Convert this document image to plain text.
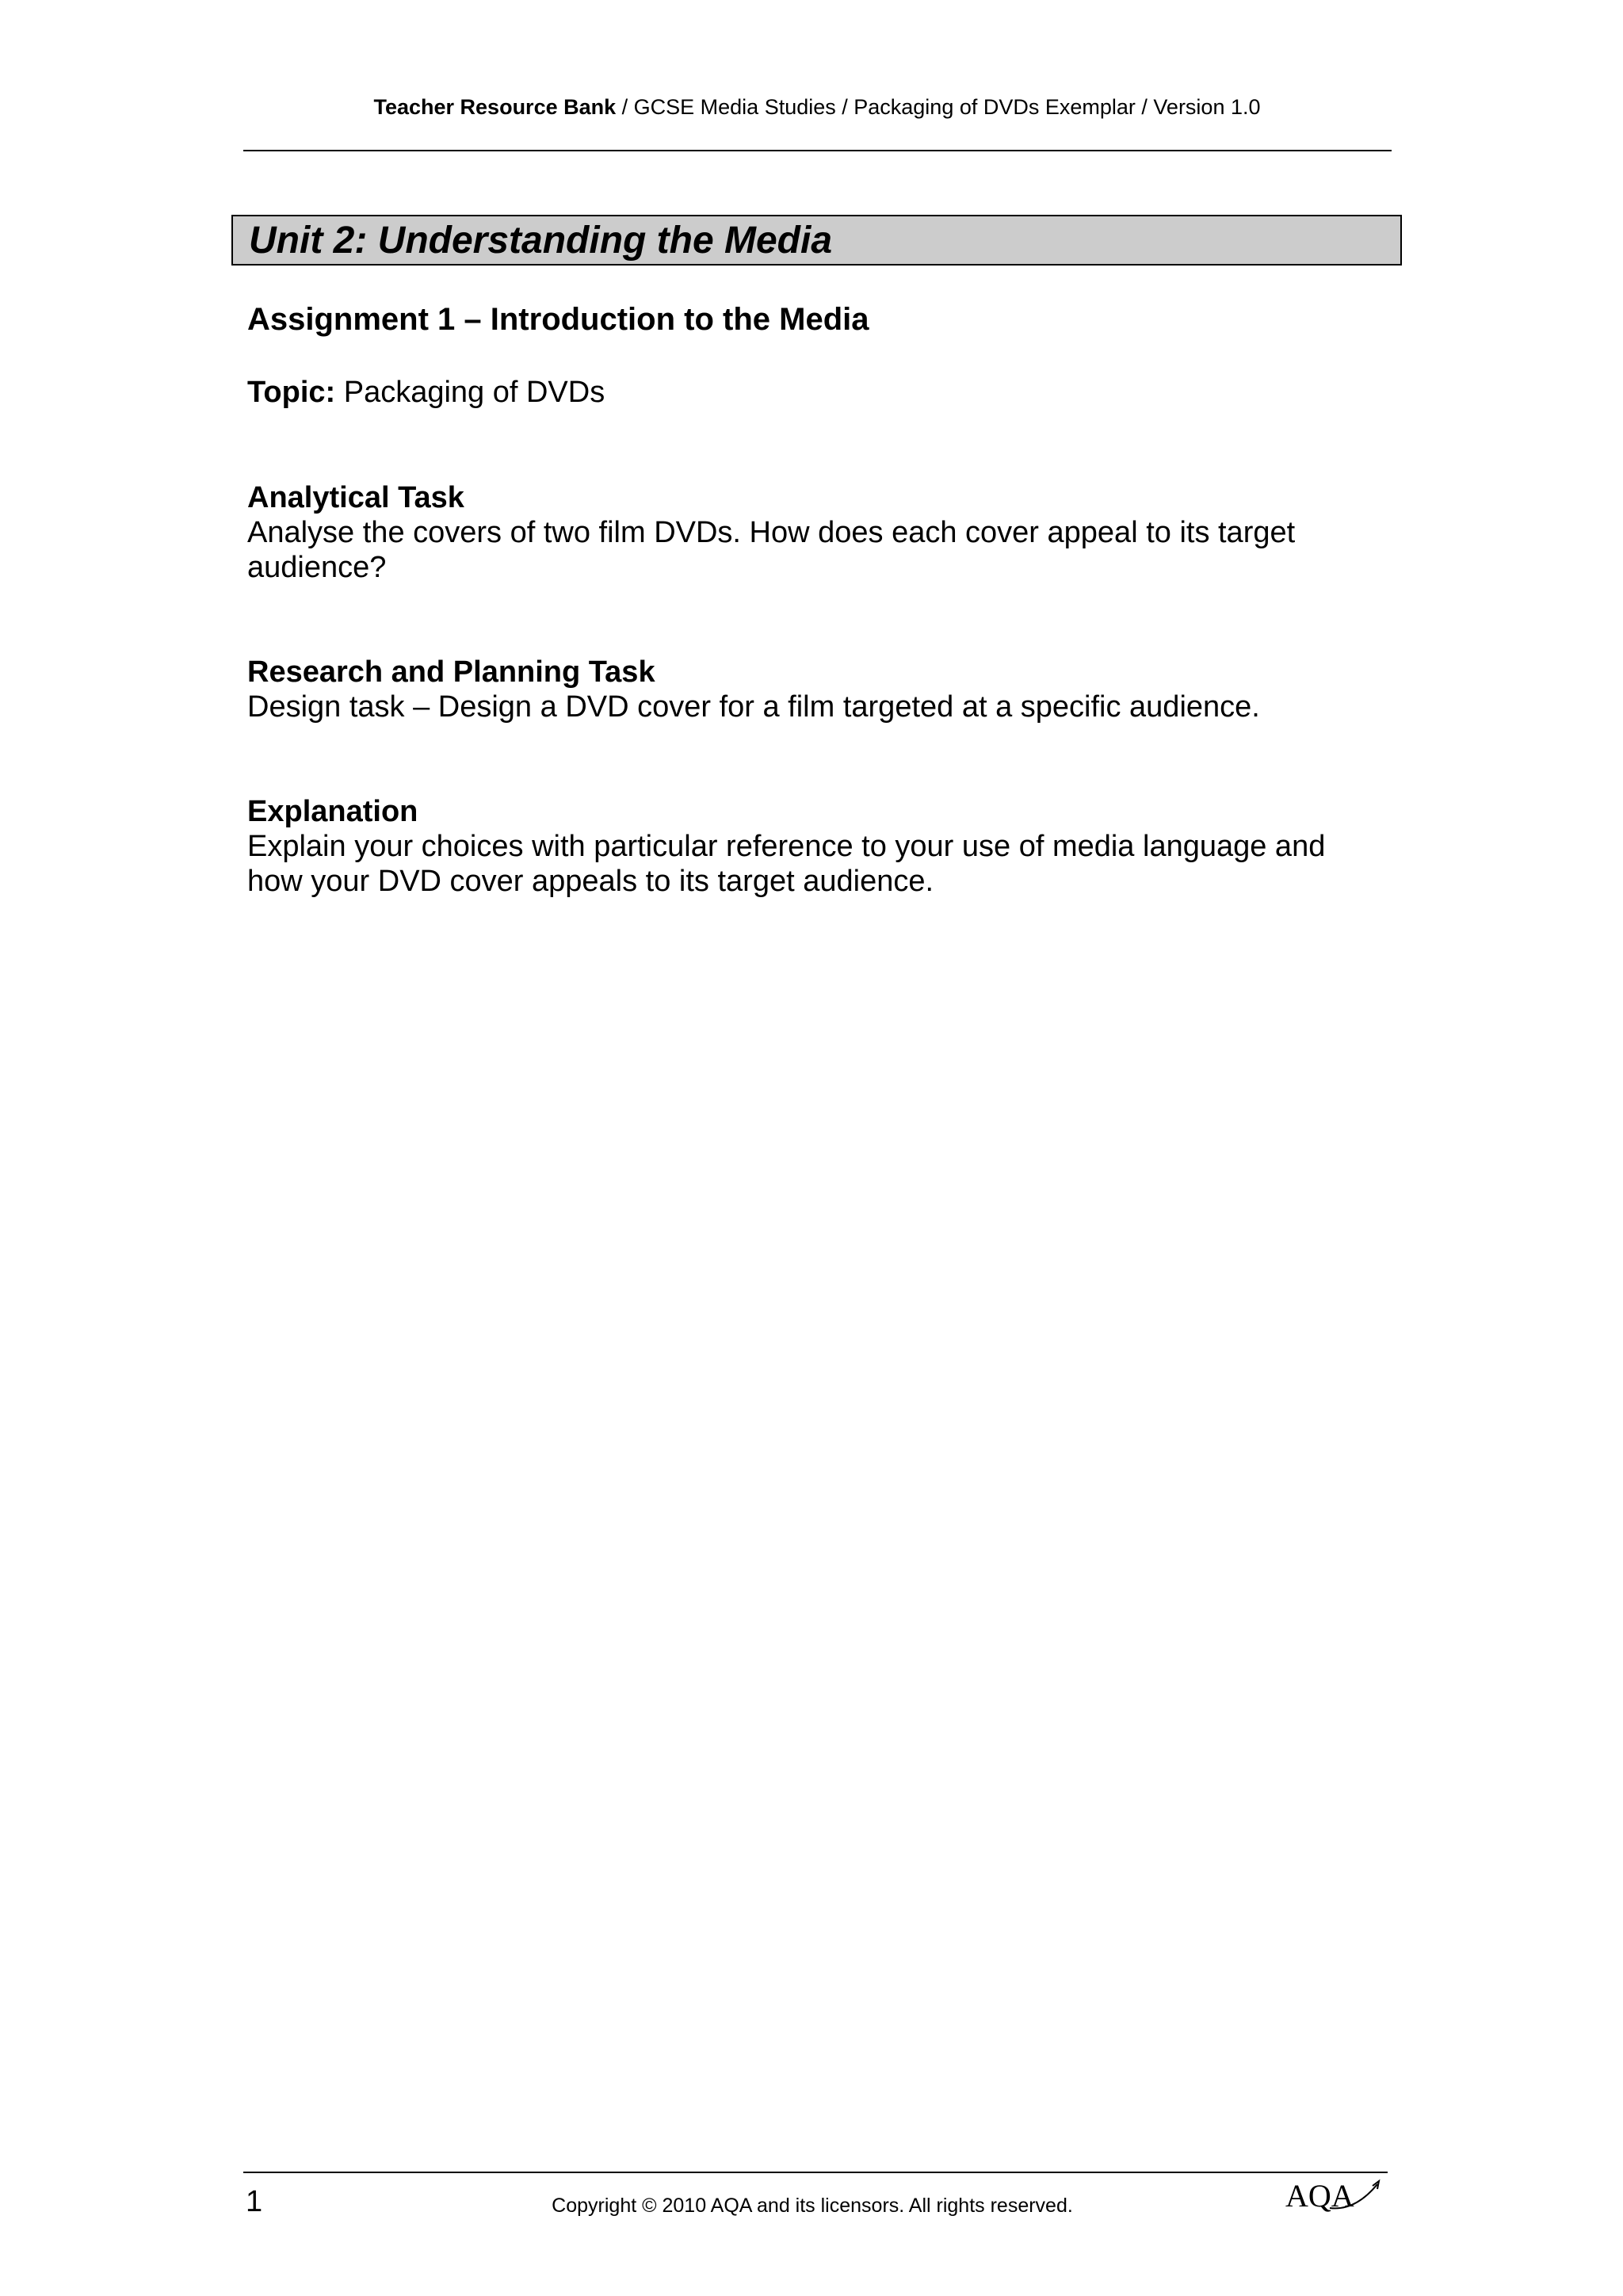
Teacher Resource Bank / GCSE Media Studies / Packaging of DVDs Exemplar / Version 1.0
Unit 2: Understanding the Media
Assignment 1 – Introduction to the Media
Topic: Packaging of DVDs
Analytical Task
Analyse the covers of two film DVDs. How does each cover appeal to its target
audience?
Research and Planning Task
Design task – Design a DVD cover for a film targeted at a specific audience.
Explanation
Explain your choices with particular reference to your use of media language and
how your DVD cover appeals to its target audience.
1	Copyright © 2010 AQA and its licensors. All rights reserved.	AQA
